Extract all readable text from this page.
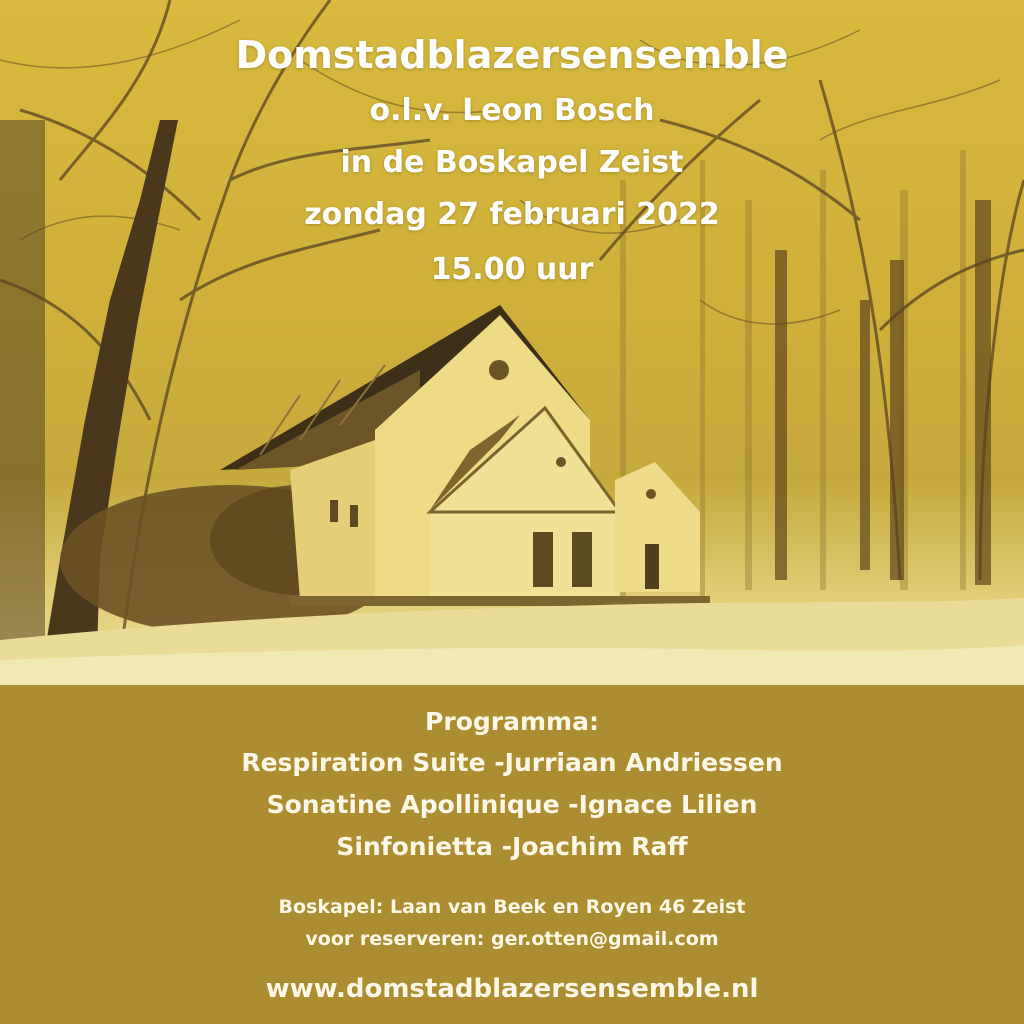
Domstadblazersensemble
o.l.v. Leon Bosch
in de Boskapel Zeist
zondag 27 februari 2022
15.00 uur
Programma:
Respiration Suite -Jurriaan Andriessen
Sonatine Apollinique -Ignace Lilien
Sinfonietta -Joachim Raff
Boskapel: Laan van Beek en Royen 46 Zeist
voor reserveren: ger.otten@gmail.com
www.domstadblazersensemble.nl
